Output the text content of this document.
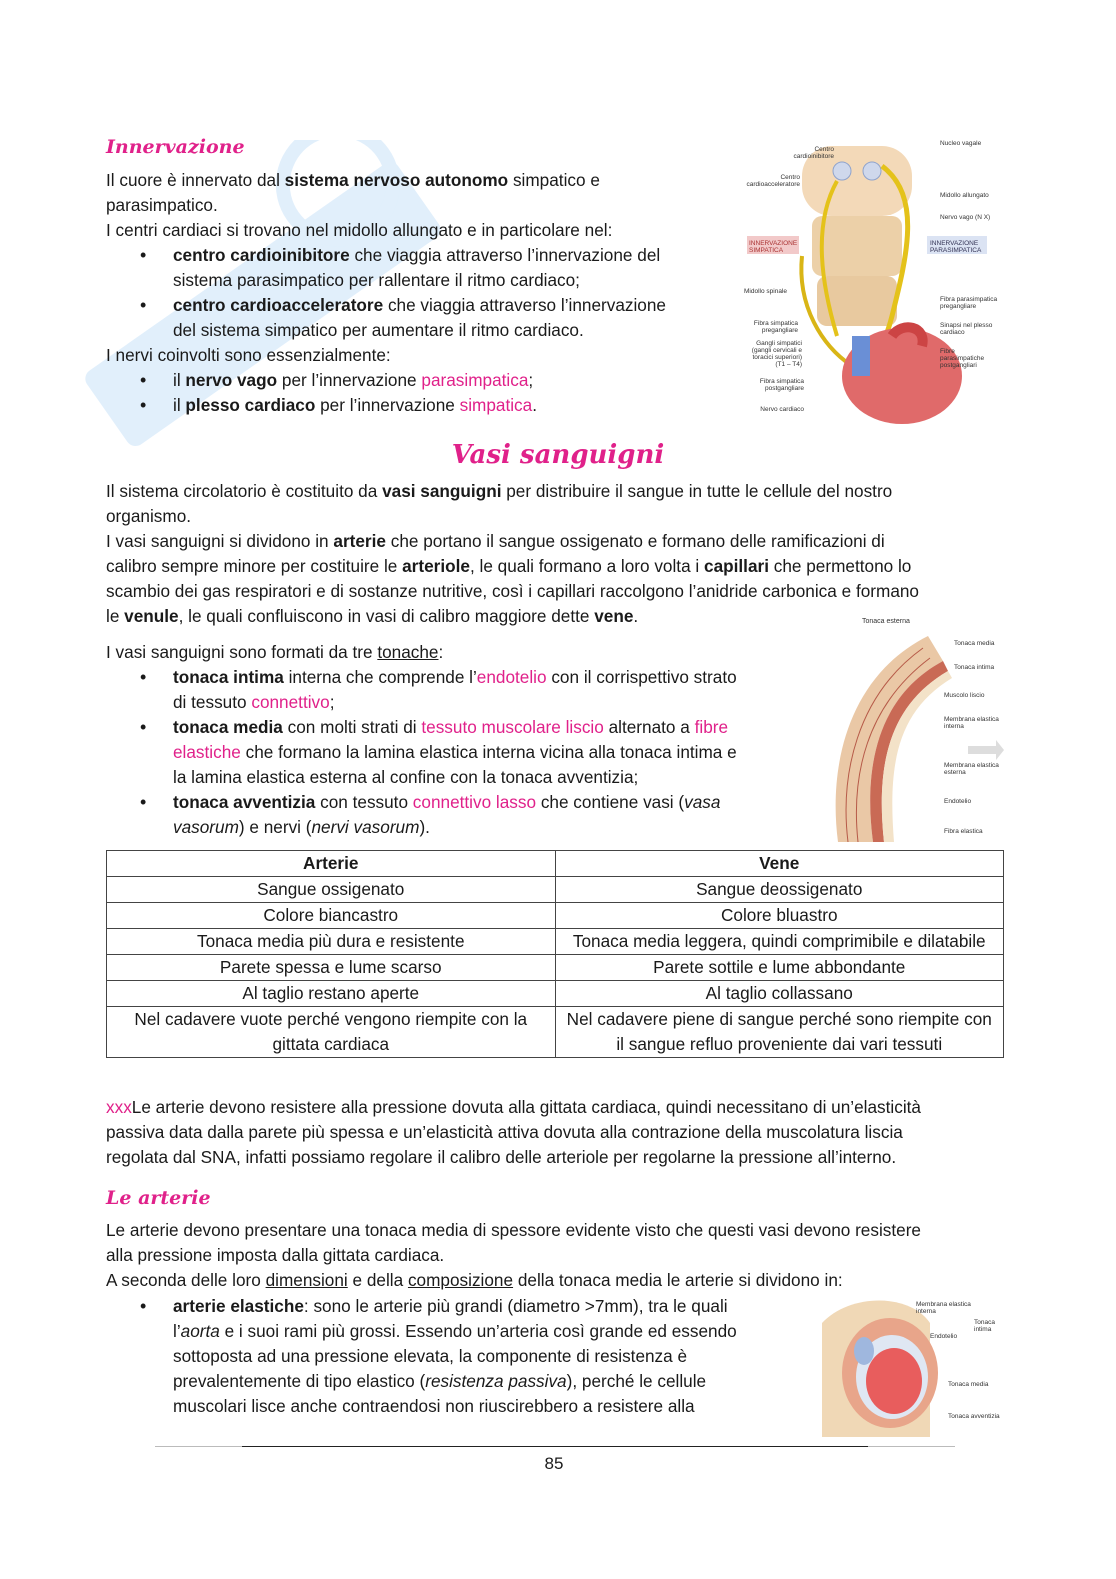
Innervazione
Il cuore è innervato dal sistema nervoso autonomo simpatico e
parasimpatico.
I centri cardiaci si trovano nel midollo allungato e in particolare nel:
• centro cardioinibitore che viaggia attraverso l’innervazione del
sistema parasimpatico per rallentare il ritmo cardiaco;
• centro cardioacceleratore che viaggia attraverso l’innervazione
del sistema simpatico per aumentare il ritmo cardiaco.
I nervi coinvolti sono essenzialmente:
• il nervo vago per l’innervazione parasimpatica;
• il plesso cardiaco per l’innervazione simpatica.
Centro cardioinibitore
Centro cardioacceleratore
Nucleo vagale
Midollo allungato
Nervo vago (N X)
INNERVAZIONE SIMPATICA
INNERVAZIONE PARASIMPATICA
Midollo spinale
Fibra parasimpatica pregangliare
Fibra simpatica pregangliare
Sinapsi nel plesso cardiaco
Gangli simpatici (gangli cervicali e toracici superiori) (T1 – T4)
Fibre parasimpatiche postgangliari
Fibra simpatica postgangliare
Nervo cardiaco
Vasi sanguigni
Il sistema circolatorio è costituito da vasi sanguigni per distribuire il sangue in tutte le cellule del nostro
organismo.
I vasi sanguigni si dividono in arterie che portano il sangue ossigenato e formano delle ramificazioni di
calibro sempre minore per costituire le arteriole, le quali formano a loro volta i capillari che permettono lo
scambio dei gas respiratori e di sostanze nutritive, così i capillari raccolgono l’anidride carbonica e formano
le venule, le quali confluiscono in vasi di calibro maggiore dette vene.
I vasi sanguigni sono formati da tre tonache:
• tonaca intima interna che comprende l’endotelio con il corrispettivo strato
di tessuto connettivo;
• tonaca media con molti strati di tessuto muscolare liscio alternato a fibre
elastiche che formano la lamina elastica interna vicina alla tonaca intima e
la lamina elastica esterna al confine con la tonaca avventizia;
• tonaca avventizia con tessuto connettivo lasso che contiene vasi (vasa
vasorum) e nervi (nervi vasorum).
Tonaca esterna
Tonaca media
Tonaca intima
Muscolo liscio
Membrana elastica interna
Membrana elastica esterna
Endotelio
Fibra elastica
Arterie	Vene
Sangue ossigenato	Sangue deossigenato
Colore biancastro	Colore bluastro
Tonaca media più dura e resistente	Tonaca media leggera, quindi comprimibile e dilatabile
Parete spessa e lume scarso	Parete sottile e lume abbondante
Al taglio restano aperte	Al taglio collassano
Nel cadavere vuote perché vengono riempite con la gittata cardiaca	Nel cadavere piene di sangue perché sono riempite con il sangue refluo proveniente dai vari tessuti
xxxLe arterie devono resistere alla pressione dovuta alla gittata cardiaca, quindi necessitano di un’elasticità
passiva data dalla parete più spessa e un’elasticità attiva dovuta alla contrazione della muscolatura liscia
regolata dal SNA, infatti possiamo regolare il calibro delle arteriole per regolarne la pressione all’interno.
Le arterie
Le arterie devono presentare una tonaca media di spessore evidente visto che questi vasi devono resistere
alla pressione imposta dalla gittata cardiaca.
A seconda delle loro dimensioni e della composizione della tonaca media le arterie si dividono in:
• arterie elastiche: sono le arterie più grandi (diametro >7mm), tra le quali
l’aorta e i suoi rami più grossi. Essendo un’arteria così grande ed essendo
sottoposta ad una pressione elevata, la componente di resistenza è
prevalentemente di tipo elastico (resistenza passiva), perché le cellule
muscolari lisce anche contraendosi non riuscirebbero a resistere alla
Membrana elastica interna
Tonaca intima
Endotelio
Tonaca media
Tonaca avventizia
85
